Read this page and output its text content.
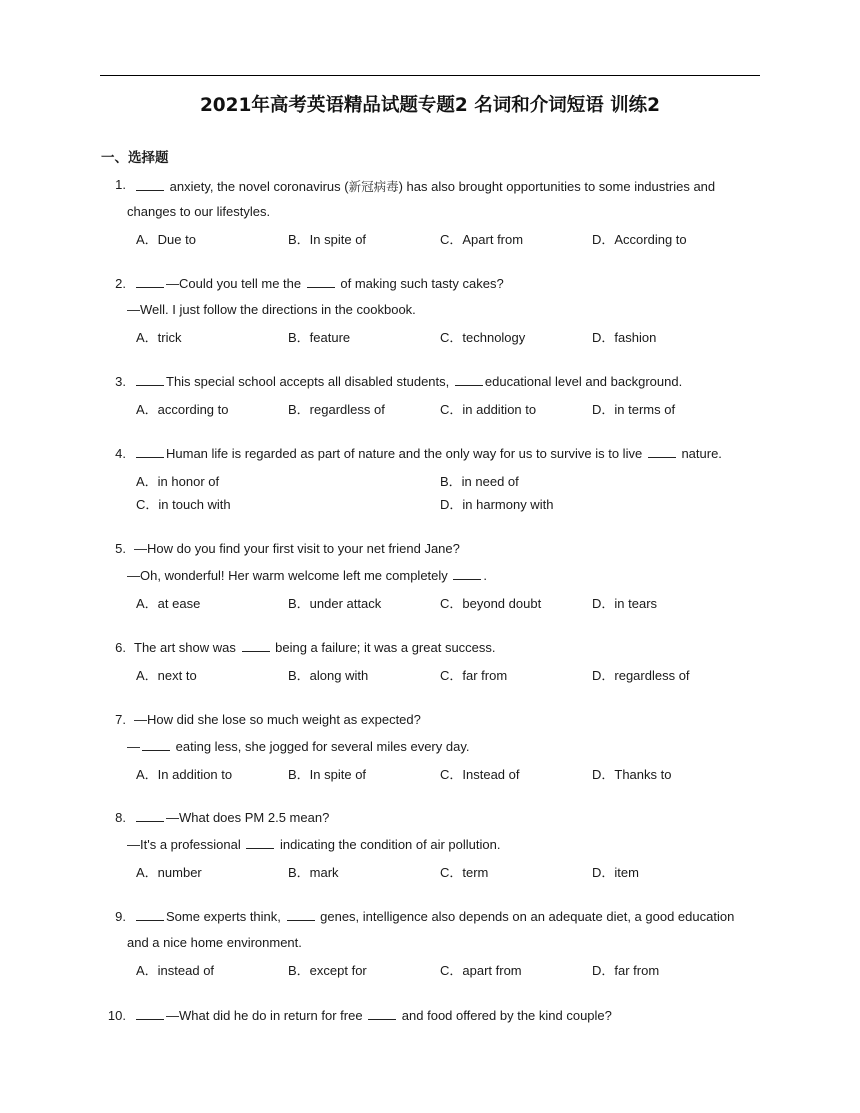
2021年高考英语精品试题专题2 名词和介词短语 训练2
一、选择题
1.	anxiety, the novel coronavirus (新冠病毒) has also brought opportunities to some industries and
changes to our lifestyles.
A．Due to	B．In spite of	C．Apart from	D．According to
2.	—Could you tell me the	of making such tasty cakes?
—Well. I just follow the directions in the cookbook.
A．trick	B．feature	C．technology	D．fashion
3.	This special school accepts all disabled students,	educational level and background.
A．according to	B．regardless of	C．in addition to	D．in terms of
4.	Human life is regarded as part of nature and the only way for us to survive is to live	nature.
A．in honor of	B．in need of
C．in touch with	D．in harmony with
5. —How do you find your first visit to your net friend Jane?
—Oh, wonderful! Her warm welcome left me completely	.
A．at ease	B．under attack	C．beyond doubt	D．in tears
6. The art show was	being a failure; it was a great success.
A．next to	B．along with	C．far from	D．regardless of
7. —How did she lose so much weight as expected?
—	eating less, she jogged for several miles every day.
A．In addition to	B．In spite of	C．Instead of	D．Thanks to
8.	—What does PM 2.5 mean?
—It's a professional	indicating the condition of air pollution.
A．number	B．mark	C．term	D．item
9.	Some experts think,	genes, intelligence also depends on an adequate diet, a good education
and a nice home environment.
A．instead of	B．except for	C．apart from	D．far from
10.	—What did he do in return for free	and food offered by the kind couple?
